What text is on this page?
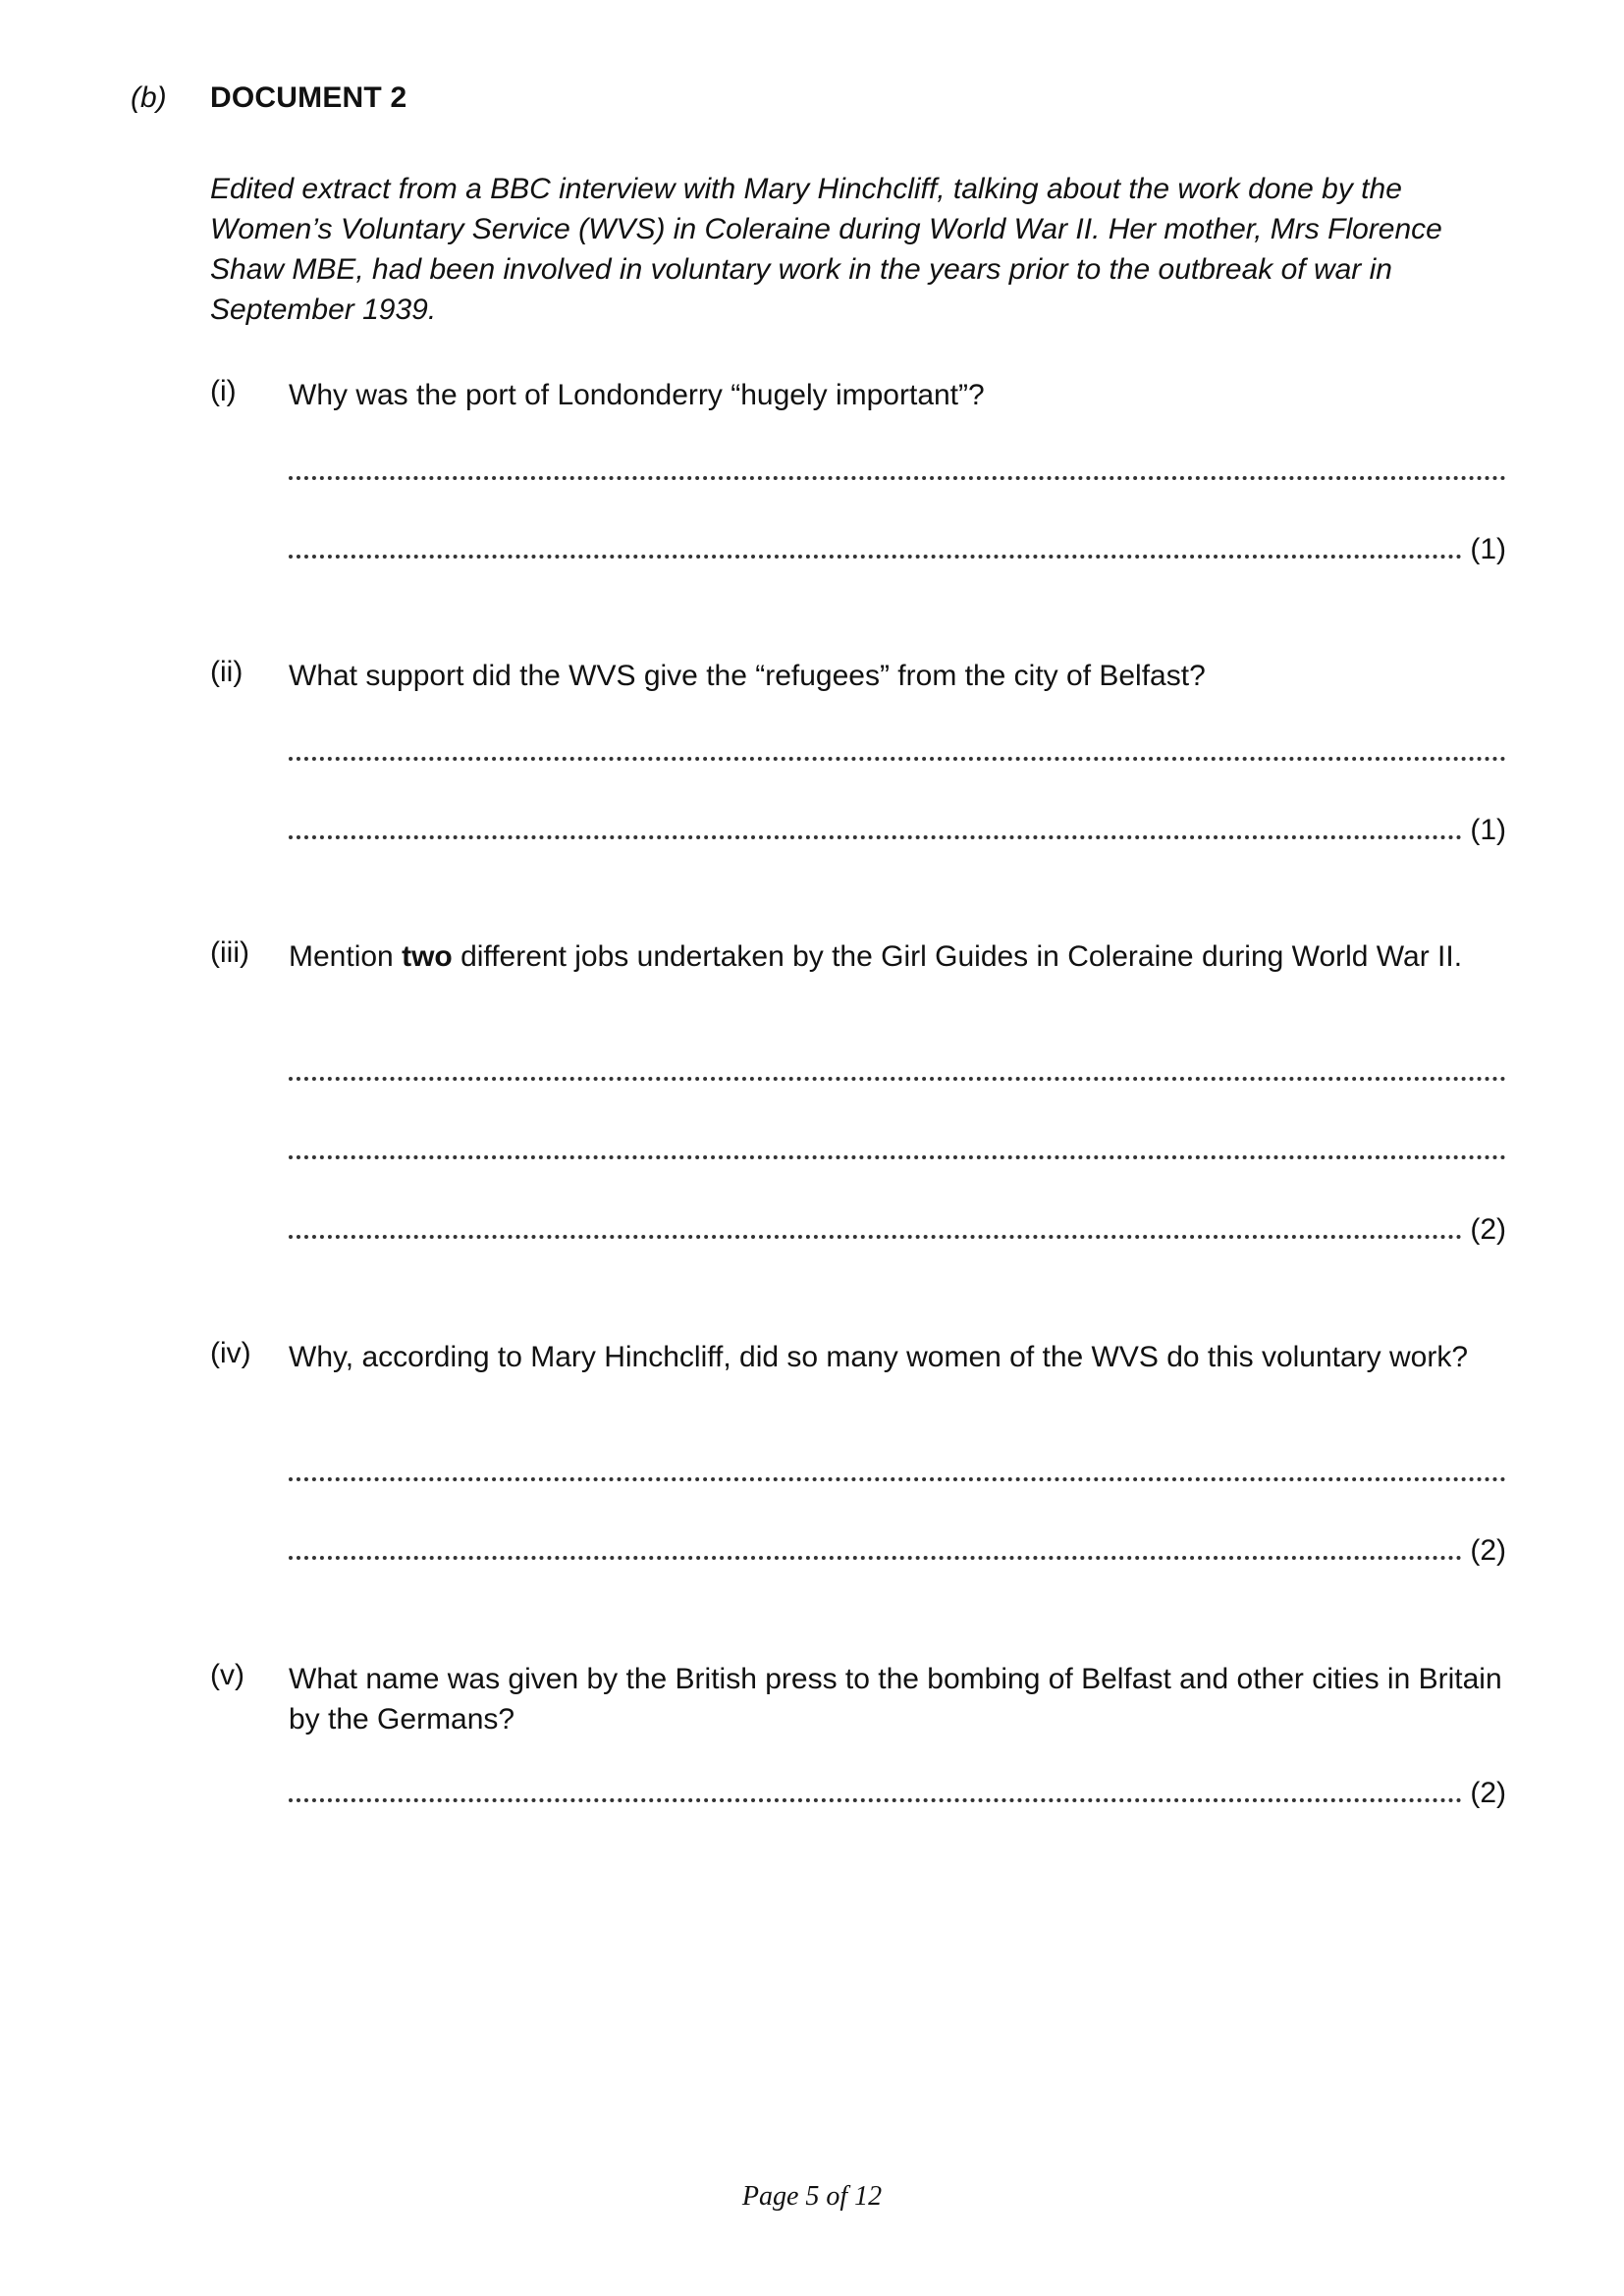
(b) DOCUMENT 2
Edited extract from a BBC interview with Mary Hinchcliff, talking about the work done by the Women’s Voluntary Service (WVS) in Coleraine during World War II. Her mother, Mrs Florence Shaw MBE, had been involved in voluntary work in the years prior to the outbreak of war in September 1939.
(i) Why was the port of Londonderry “hugely important”?
(1)
(ii) What support did the WVS give the “refugees” from the city of Belfast?
(1)
(iii) Mention two different jobs undertaken by the Girl Guides in Coleraine during World War II.
(2)
(iv) Why, according to Mary Hinchcliff, did so many women of the WVS do this voluntary work?
(2)
(v) What name was given by the British press to the bombing of Belfast and other cities in Britain by the Germans?
(2)
Page 5 of 12
